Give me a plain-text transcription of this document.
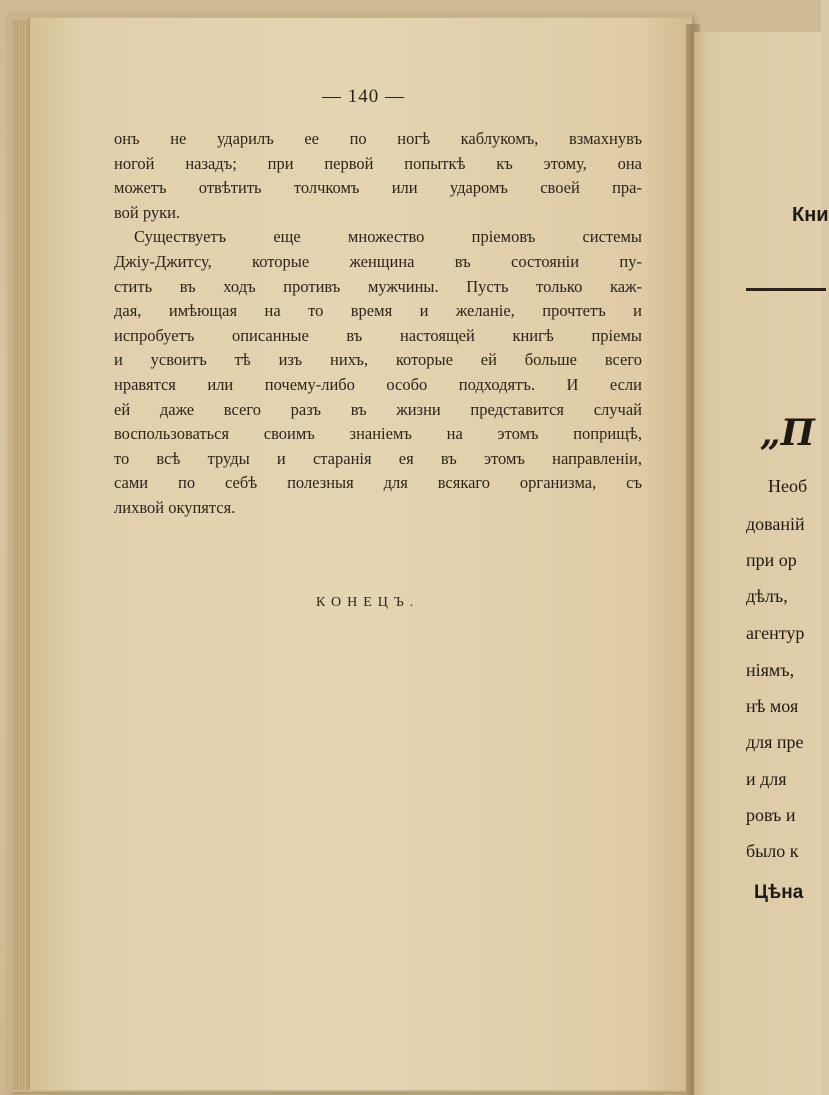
— 140 —
онъ не ударилъ ее по ногѣ каблукомъ, взмахнувъ
ногой назадъ; при первой попыткѣ къ этому, она
можетъ отвѣтить толчкомъ или ударомъ своей пра-
вой руки.
Существуетъ еще множество пріемовъ системы
Джіу-Джитсу, которые женщина въ состояніи пу-
стить въ ходъ противъ мужчины. Пусть только каж-
дая, имѣющая на то время и желаніе, прочтетъ и
испробуетъ описанные въ настоящей книгѣ пріемы
и усвоитъ тѣ изъ нихъ, которые ей больше всего
нравятся или почему-либо особо подходятъ. И если
ей даже всего разъ въ жизни представится случай
воспользоваться своимъ знаніемъ на этомъ поприщѣ,
то всѣ труды и старанія ея въ этомъ направленіи,
сами по себѣ полезныя для всякаго организма, съ
лихвой окупятся.
КОНЕЦЪ.
Кни
„П
Необ
дованій
при ор
дѣлъ,
агентур
ніямъ,
нѣ моя
для пре
и для
ровъ и
было к
Цѣна
